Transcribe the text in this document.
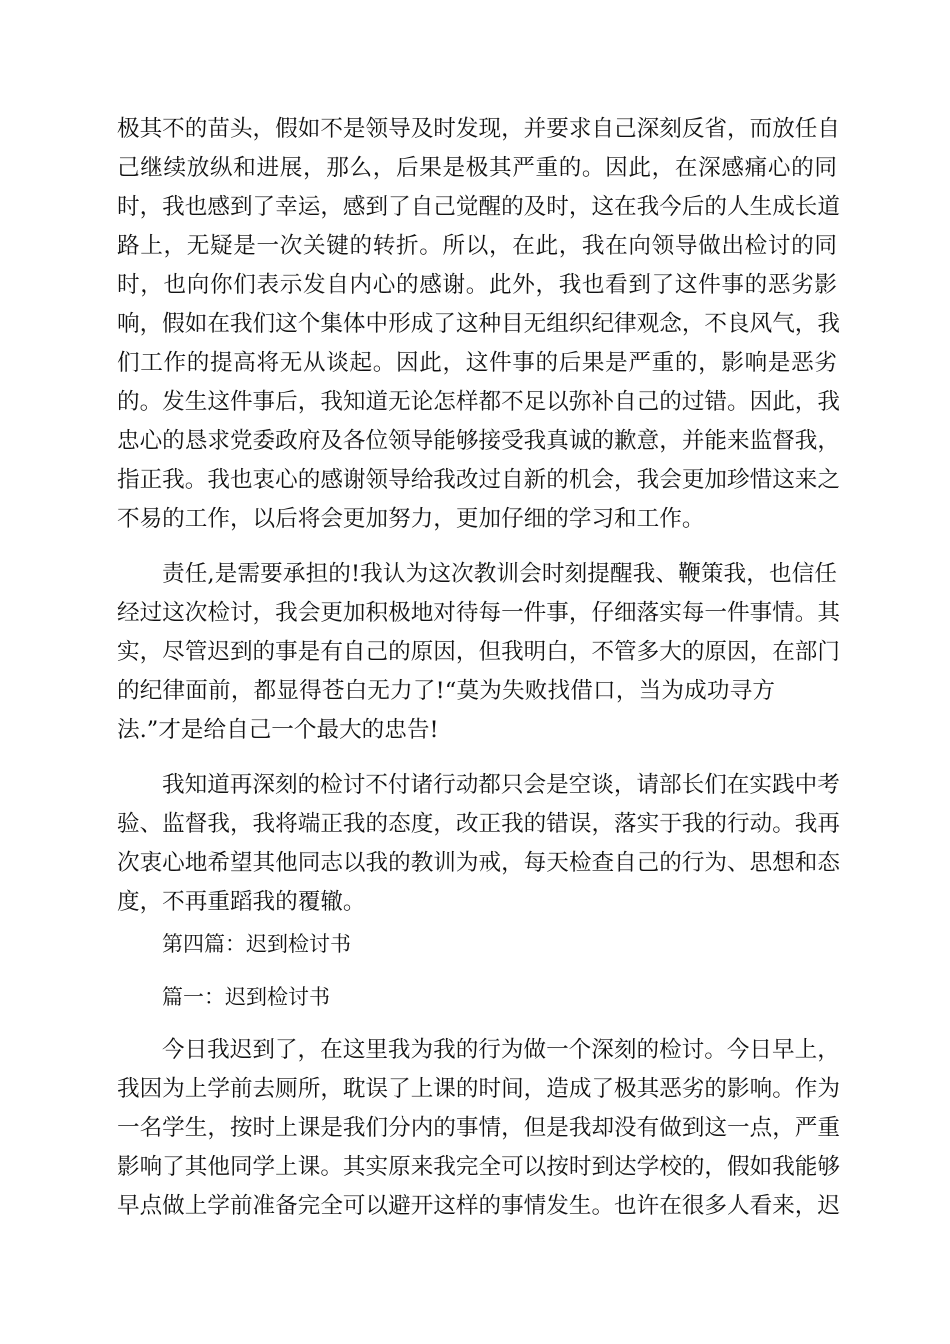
极其不的苗头，假如不是领导及时发现，并要求自己深刻反省，而放任自
己继续放纵和进展，那么，后果是极其严重的。因此，在深感痛心的同
时，我也感到了幸运，感到了自己觉醒的及时，这在我今后的人生成长道
路上，无疑是一次关键的转折。所以，在此，我在向领导做出检讨的同
时，也向你们表示发自内心的感谢。此外，我也看到了这件事的恶劣影
响，假如在我们这个集体中形成了这种目无组织纪律观念，不良风气，我
们工作的提高将无从谈起。因此，这件事的后果是严重的，影响是恶劣
的。发生这件事后，我知道无论怎样都不足以弥补自己的过错。因此，我
忠心的恳求党委政府及各位领导能够接受我真诚的歉意，并能来监督我，
指正我。我也衷心的感谢领导给我改过自新的机会，我会更加珍惜这来之
不易的工作，以后将会更加努力，更加仔细的学习和工作。
责任,是需要承担的!我认为这次教训会时刻提醒我、鞭策我，也信任
经过这次检讨，我会更加积极地对待每一件事，仔细落实每一件事情。其
实，尽管迟到的事是有自己的原因，但我明白，不管多大的原因，在部门
的纪律面前，都显得苍白无力了!“莫为失败找借口，当为成功寻方
法.”才是给自己一个最大的忠告!
我知道再深刻的检讨不付诸行动都只会是空谈，请部长们在实践中考
验、监督我，我将端正我的态度，改正我的错误，落实于我的行动。我再
次衷心地希望其他同志以我的教训为戒，每天检查自己的行为、思想和态
度，不再重蹈我的覆辙。
第四篇：迟到检讨书
篇一：迟到检讨书
今日我迟到了，在这里我为我的行为做一个深刻的检讨。今日早上，
我因为上学前去厕所，耽误了上课的时间，造成了极其恶劣的影响。作为
一名学生，按时上课是我们分内的事情，但是我却没有做到这一点，严重
影响了其他同学上课。其实原来我完全可以按时到达学校的，假如我能够
早点做上学前准备完全可以避开这样的事情发生。也许在很多人看来，迟
